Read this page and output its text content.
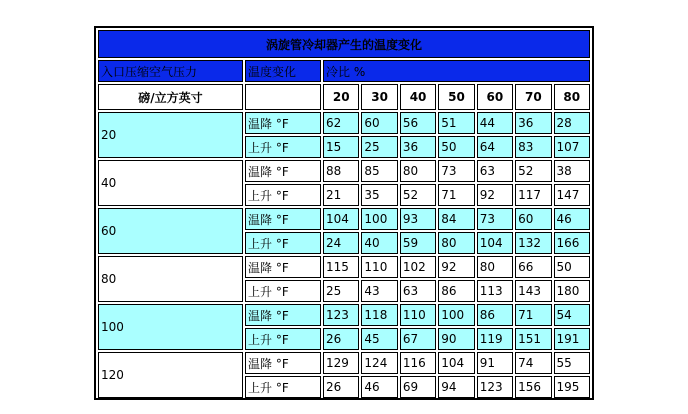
涡旋管冷却器产生的温度变化								
入口压缩空气压力	温度变化	冷比 %						
磅/立方英寸		20	30	40	50	60	70	80
20	温降 °F	62	60	56	51	44	36	28
	上升 °F	15	25	36	50	64	83	107
40	温降 °F	88	85	80	73	63	52	38
	上升 °F	21	35	52	71	92	117	147
60	温降 °F	104	100	93	84	73	60	46
	上升 °F	24	40	59	80	104	132	166
80	温降 °F	115	110	102	92	80	66	50
	上升 °F	25	43	63	86	113	143	180
100	温降 °F	123	118	110	100	86	71	54
	上升 °F	26	45	67	90	119	151	191
120	温降 °F	129	124	116	104	91	74	55
	上升 °F	26	46	69	94	123	156	195
